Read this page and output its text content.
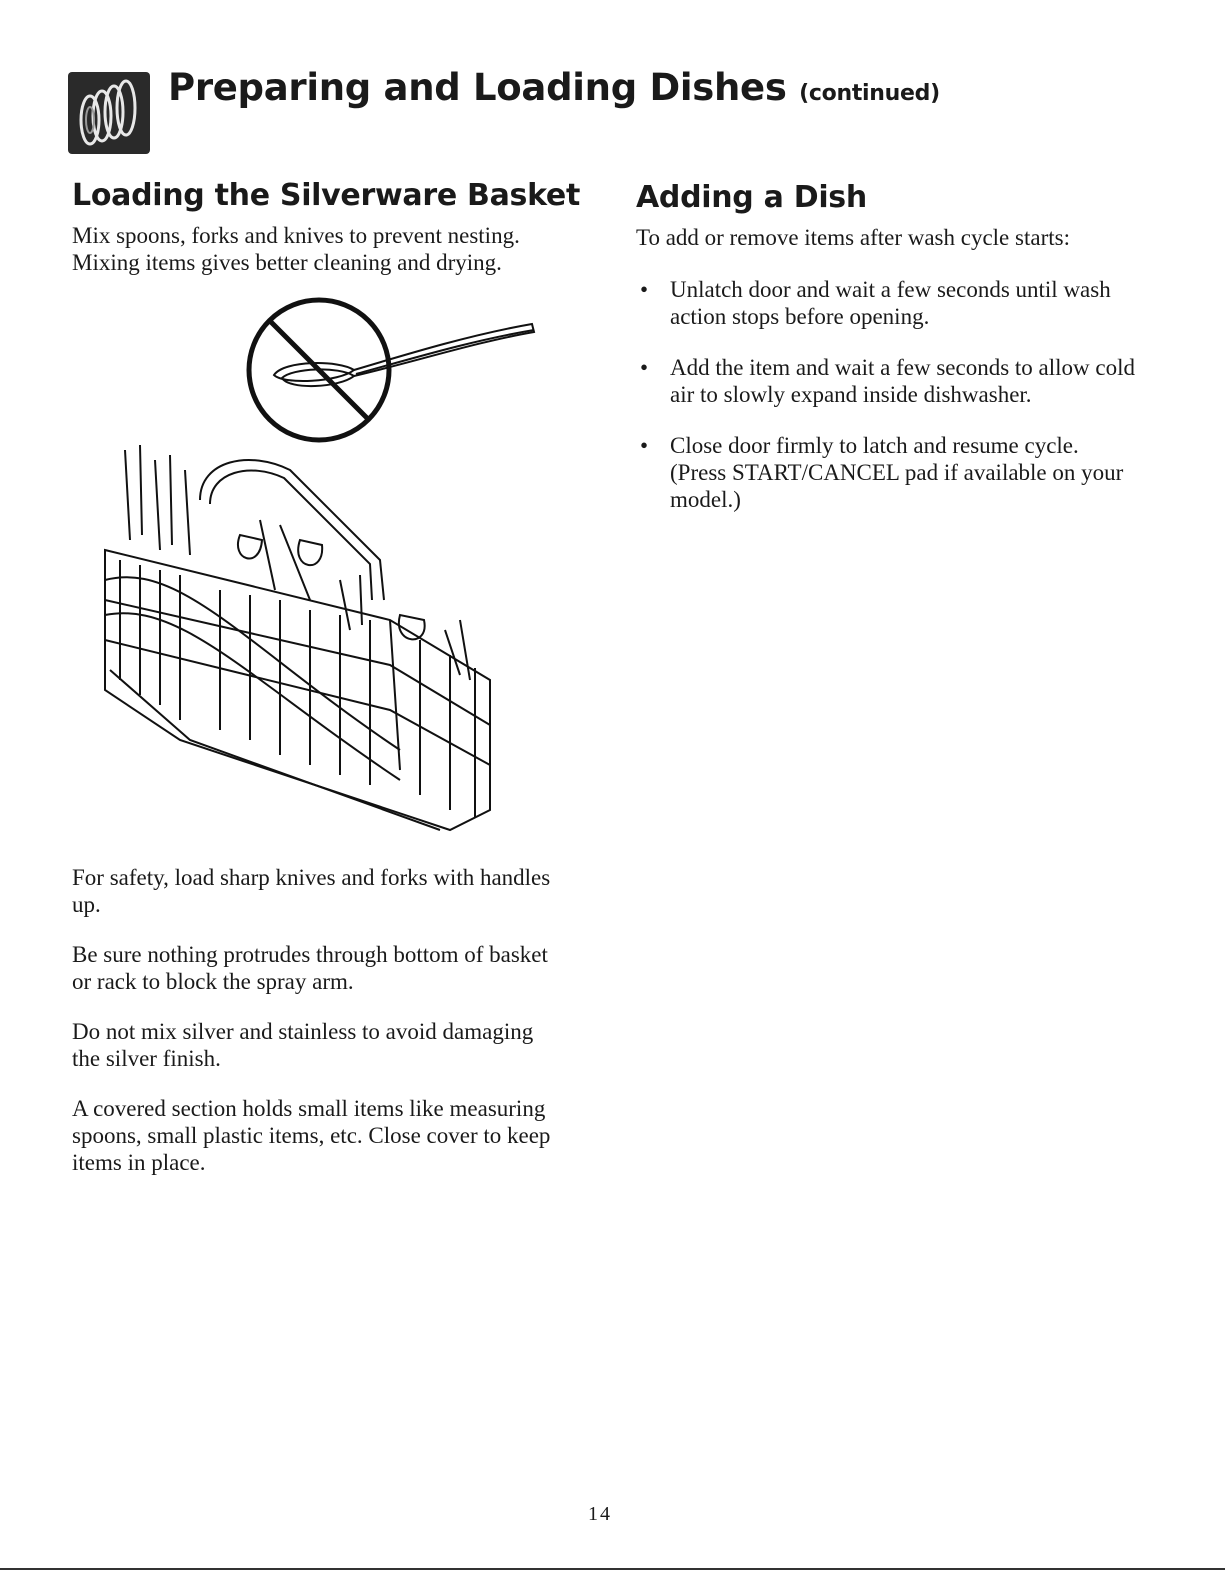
Preparing and Loading Dishes (continued)
Loading the Silverware Basket

Mix spoons, forks and knives to prevent nesting. Mixing items gives better cleaning and drying.

For safety, load sharp knives and forks with handles up.

Be sure nothing protrudes through bottom of basket or rack to block the spray arm.

Do not mix silver and stainless to avoid damaging the silver finish.

A covered section holds small items like measuring spoons, small plastic items, etc. Close cover to keep items in place.

Adding a Dish

To add or remove items after wash cycle starts:

• Unlatch door and wait a few seconds until wash action stops before opening.
• Add the item and wait a few seconds to allow cold air to slowly expand inside dishwasher.
• Close door firmly to latch and resume cycle. (Press START/CANCEL pad if available on your model.)
14
